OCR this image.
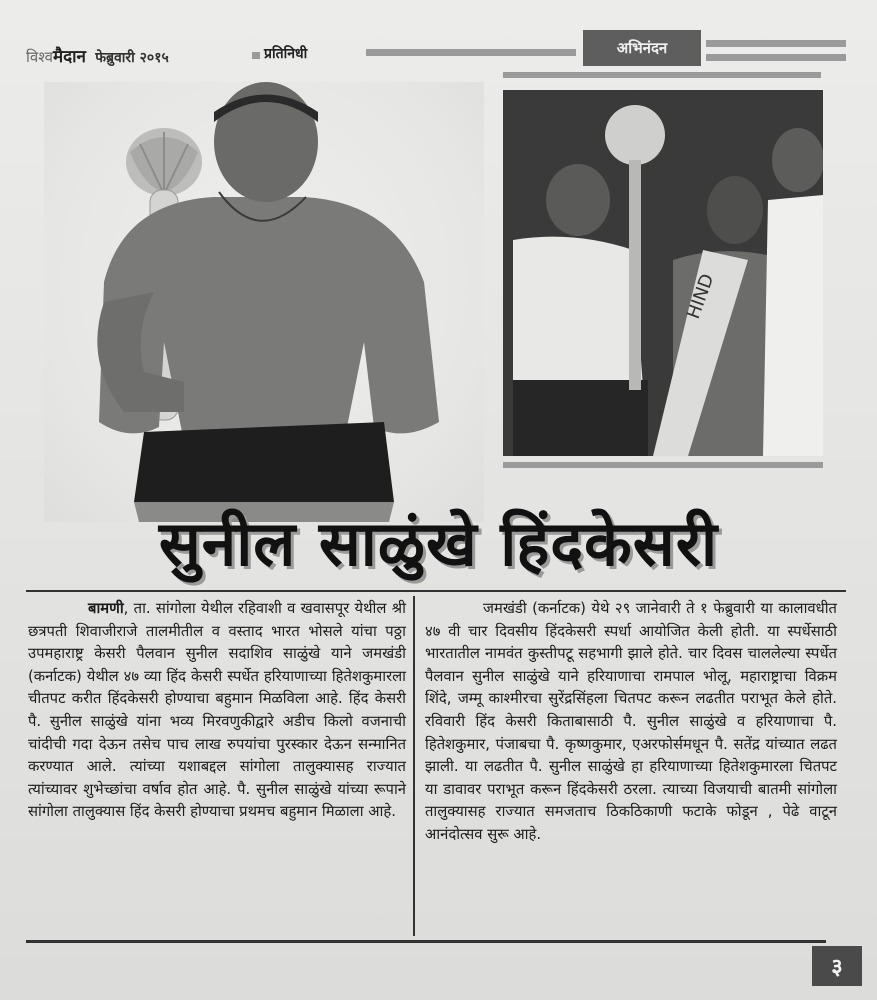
विश्वमैदान फेब्रुवारी २०१५	प्रतिनिधी	अभिनंदन
HIND
सुनील साळुंखे हिंदकेसरी
बामणी, ता. सांगोला येथील रहिवाशी व खवासपूर येथील श्री छत्रपती शिवाजीराजे तालमीतील व वस्ताद भारत भोसले यांचा पठ्ठा उपमहाराष्ट्र केसरी पैलवान सुनील सदाशिव साळुंखे याने जमखंडी (कर्नाटक) येथील ४७ व्या हिंद केसरी स्पर्धेत हरियाणाच्या हितेशकुमारला चीतपट करीत हिंदकेसरी होण्याचा बहुमान मिळविला आहे. हिंद केसरी पै. सुनील साळुंखे यांना भव्य मिरवणुकीद्वारे अडीच किलो वजनाची चांदीची गदा देऊन तसेच पाच लाख रुपयांचा पुरस्कार देऊन सन्मानित करण्यात आले. त्यांच्या यशाबद्दल सांगोला तालुक्यासह राज्यात त्यांच्यावर शुभेच्छांचा वर्षाव होत आहे. पै. सुनील साळुंखे यांच्या रूपाने सांगोला तालुक्यास हिंद केसरी होण्याचा प्रथमच बहुमान मिळाला आहे.
जमखंडी (कर्नाटक) येथे २९ जानेवारी ते १ फेब्रुवारी या कालावधीत ४७ वी चार दिवसीय हिंदकेसरी स्पर्धा आयोजित केली होती. या स्पर्धेसाठी भारतातील नामवंत कुस्तीपटू सहभागी झाले होते. चार दिवस चाललेल्या स्पर्धेत पैलवान सुनील साळुंखे याने हरियाणाचा रामपाल भोलू, महाराष्ट्राचा विक्रम शिंदे, जम्मू काश्मीरचा सुरेंद्रसिंहला चितपट करून लढतीत पराभूत केले होते. रविवारी हिंद केसरी किताबासाठी पै. सुनील साळुंखे व हरियाणाचा पै. हितेशकुमार, पंजाबचा पै. कृष्णकुमार, एअरफोर्समधून पै. सतेंद्र यांच्यात लढत झाली. या लढतीत पै. सुनील साळुंखे हा हरियाणाच्या हितेशकुमारला चितपट या डावावर पराभूत करून हिंदकेसरी ठरला. त्याच्या विजयाची बातमी सांगोला तालुक्यासह राज्यात समजताच ठिकठिकाणी फटाके फोडून , पेढे वाटून आनंदोत्सव सुरू आहे.
३
